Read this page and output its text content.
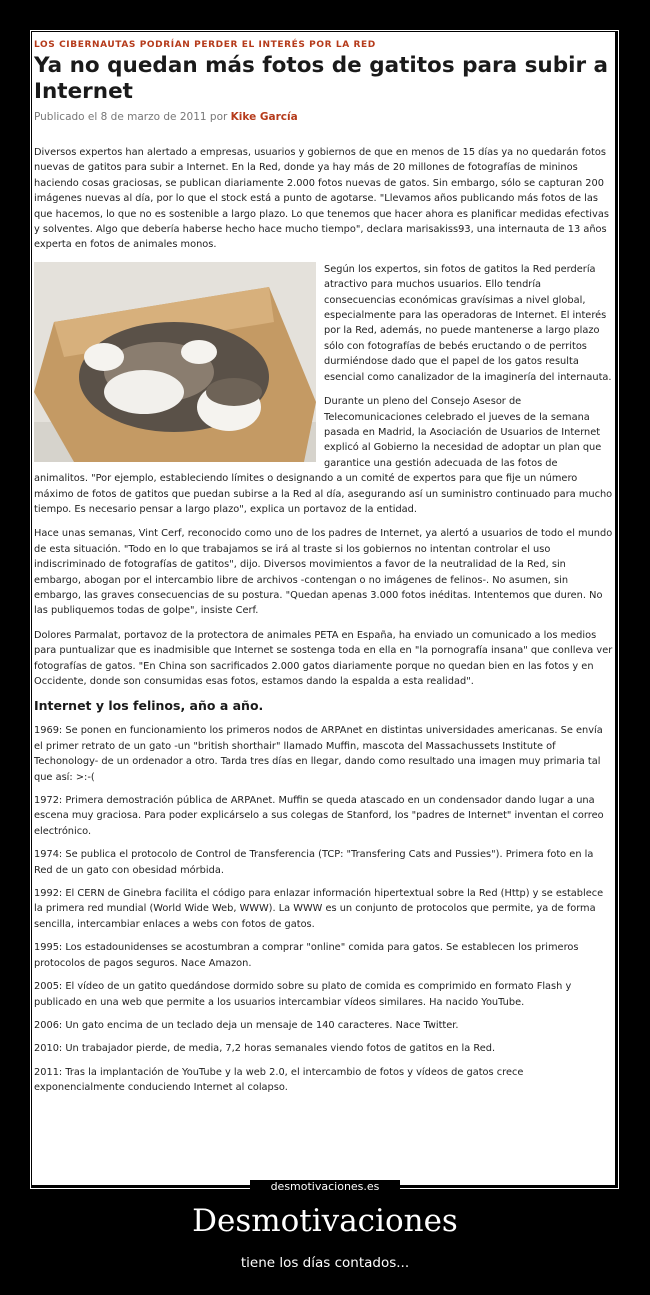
LOS CIBERNAUTAS PODRÍAN PERDER EL INTERÉS POR LA RED
Ya no quedan más fotos de gatitos para subir a Internet
Publicado el 8 de marzo de 2011 por Kike García

Diversos expertos han alertado a empresas, usuarios y gobiernos de que en menos de 15 días ya no quedarán fotos nuevas de gatitos para subir a Internet. En la Red, donde ya hay más de 20 millones de fotografías de mininos haciendo cosas graciosas, se publican diariamente 2.000 fotos nuevas de gatos. Sin embargo, sólo se capturan 200 imágenes nuevas al día, por lo que el stock está a punto de agotarse. "Llevamos años publicando más fotos de las que hacemos, lo que no es sostenible a largo plazo. Lo que tenemos que hacer ahora es planificar medidas efectivas y solventes. Algo que debería haberse hecho hace mucho tiempo", declara marisakiss93, una internauta de 13 años experta en fotos de animales monos.

Según los expertos, sin fotos de gatitos la Red perdería atractivo para muchos usuarios. Ello tendría consecuencias económicas gravísimas a nivel global, especialmente para las operadoras de Internet. El interés por la Red, además, no puede mantenerse a largo plazo sólo con fotografías de bebés eructando o de perritos durmiéndose dado que el papel de los gatos resulta esencial como canalizador de la imaginería del internauta.

Durante un pleno del Consejo Asesor de Telecomunicaciones celebrado el jueves de la semana pasada en Madrid, la Asociación de Usuarios de Internet explicó al Gobierno la necesidad de adoptar un plan que garantice una gestión adecuada de las fotos de animalitos. "Por ejemplo, estableciendo límites o designando a un comité de expertos para que fije un número máximo de fotos de gatitos que puedan subirse a la Red al día, asegurando así un suministro continuado para mucho tiempo. Es necesario pensar a largo plazo", explica un portavoz de la entidad.

Hace unas semanas, Vint Cerf, reconocido como uno de los padres de Internet, ya alertó a usuarios de todo el mundo de esta situación. "Todo en lo que trabajamos se irá al traste si los gobiernos no intentan controlar el uso indiscriminado de fotografías de gatitos", dijo. Diversos movimientos a favor de la neutralidad de la Red, sin embargo, abogan por el intercambio libre de archivos -contengan o no imágenes de felinos-. No asumen, sin embargo, las graves consecuencias de su postura. "Quedan apenas 3.000 fotos inéditas. Intentemos que duren. No las publiquemos todas de golpe", insiste Cerf.

Dolores Parmalat, portavoz de la protectora de animales PETA en España, ha enviado un comunicado a los medios para puntualizar que es inadmisible que Internet se sostenga toda en ella en "la pornografía insana" que conlleva ver fotografías de gatos. "En China son sacrificados 2.000 gatos diariamente porque no quedan bien en las fotos y en Occidente, donde son consumidas esas fotos, estamos dando la espalda a esta realidad".

Internet y los felinos, año a año.

1969: Se ponen en funcionamiento los primeros nodos de ARPAnet en distintas universidades americanas. Se envía el primer retrato de un gato -un "british shorthair" llamado Muffin, mascota del Massachussets Institute of Techonology- de un ordenador a otro. Tarda tres días en llegar, dando como resultado una imagen muy primaria tal que así: >:-(

1972: Primera demostración pública de ARPAnet. Muffin se queda atascado en un condensador dando lugar a una escena muy graciosa. Para poder explicárselo a sus colegas de Stanford, los "padres de Internet" inventan el correo electrónico.

1974: Se publica el protocolo de Control de Transferencia (TCP: "Transfering Cats and Pussies"). Primera foto en la Red de un gato con obesidad mórbida.

1992: El CERN de Ginebra facilita el código para enlazar información hipertextual sobre la Red (Http) y se establece la primera red mundial (World Wide Web, WWW). La WWW es un conjunto de protocolos que permite, ya de forma sencilla, intercambiar enlaces a webs con fotos de gatos.

1995: Los estadounidenses se acostumbran a comprar "online" comida para gatos. Se establecen los primeros protocolos de pagos seguros. Nace Amazon.

2005: El vídeo de un gatito quedándose dormido sobre su plato de comida es comprimido en formato Flash y publicado en una web que permite a los usuarios intercambiar vídeos similares. Ha nacido YouTube.

2006: Un gato encima de un teclado deja un mensaje de 140 caracteres. Nace Twitter.

2010: Un trabajador pierde, de media, 7,2 horas semanales viendo fotos de gatitos en la Red.

2011: Tras la implantación de YouTube y la web 2.0, el intercambio de fotos y vídeos de gatos crece exponencialmente conduciendo Internet al colapso.

desmotivaciones.es
Desmotivaciones
tiene los días contados...
